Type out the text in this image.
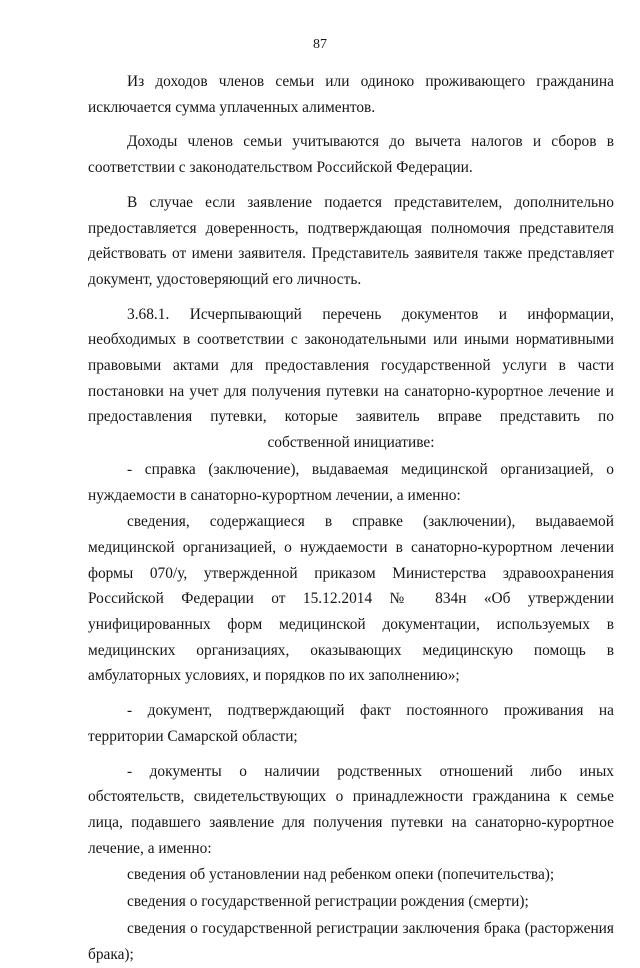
87

Из доходов членов семьи или одиноко проживающего гражданина исключается сумма уплаченных алиментов.

Доходы членов семьи учитываются до вычета налогов и сборов в соответствии с законодательством Российской Федерации.

В случае если заявление подается представителем, дополнительно предоставляется доверенность, подтверждающая полномочия представителя действовать от имени заявителя. Представитель заявителя также представляет документ, удостоверяющий его личность.

3.68.1. Исчерпывающий перечень документов и информации, необходимых в соответствии с законодательными или иными нормативными правовыми актами для предоставления государственной услуги в части постановки на учет для получения путевки на санаторно-курортное лечение и предоставления путевки, которые заявитель вправе представить по собственной инициативе:

- справка (заключение), выдаваемая медицинской организацией, о нуждаемости в санаторно-курортном лечении, а именно:

сведения, содержащиеся в справке (заключении), выдаваемой медицинской организацией, о нуждаемости в санаторно-курортном лечении формы 070/у, утвержденной приказом Министерства здравоохранения Российской Федерации от 15.12.2014 № 834н «Об утверждении унифицированных форм медицинской документации, используемых в медицинских организациях, оказывающих медицинскую помощь в амбулаторных условиях, и порядков по их заполнению»;

- документ, подтверждающий факт постоянного проживания на территории Самарской области;

- документы о наличии родственных отношений либо иных обстоятельств, свидетельствующих о принадлежности гражданина к семье лица, подавшего заявление для получения путевки на санаторно-курортное лечение, а именно:

сведения об установлении над ребенком опеки (попечительства);

сведения о государственной регистрации рождения (смерти);

сведения о государственной регистрации заключения брака (расторжения брака);
